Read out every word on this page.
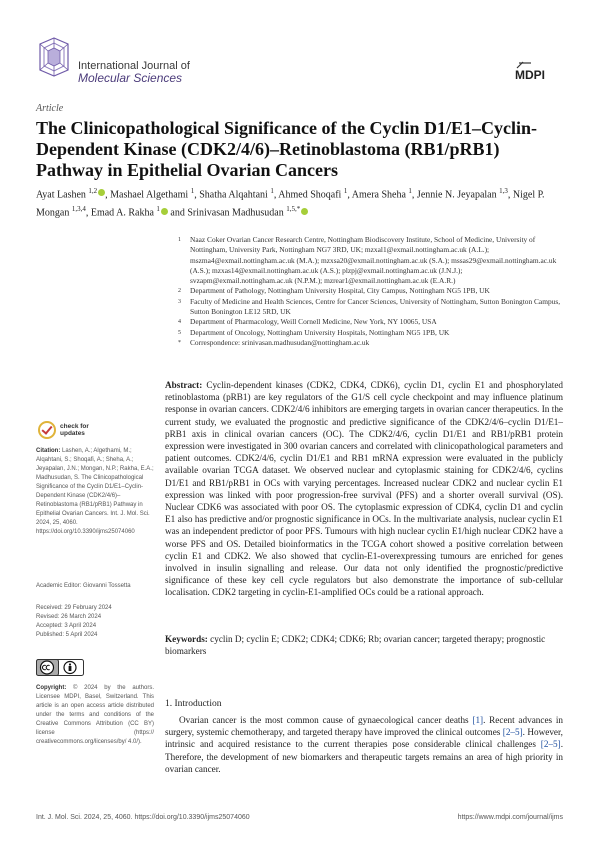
International Journal of
Molecular Sciences	MDPI
Article
The Clinicopathological Significance of the Cyclin D1/E1–Cyclin-Dependent Kinase (CDK2/4/6)–Retinoblastoma (RB1/pRB1) Pathway in Epithelial Ovarian Cancers
Ayat Lashen $^{1,2}$ , Mashael Algethami $^1$, Shatha Alqahtani $^1$, Ahmed Shoqafi $^1$, Amera Sheha $^1$, Jennie N. Jeyapalan $^{1,3}$, Nigel P. Mongan $^{1,3,4}$, Emad A. Rakha $^1$ and Srinivasan Madhusudan $^{1,5,*}$
1	Naaz Coker Ovarian Cancer Research Centre, Nottingham Biodiscovery Institute, School of Medicine, University of Nottingham, University Park, Nottingham NG7 3RD, UK; mzxal1@exmail.nottingham.ac.uk (A.L.); mszma4@exmail.nottingham.ac.uk (M.A.); mzxsa20@exmail.nottingham.ac.uk (S.A.); mssas29@exmail.nottingham.ac.uk (A.S.); mzxas14@exmail.nottingham.ac.uk (A.S.); plzpj@exmail.nottingham.ac.uk (J.N.J.); svzapm@exmail.nottingham.ac.uk (N.P.M.); mzrear1@exmail.nottingham.ac.uk (E.A.R.)
2	Department of Pathology, Nottingham University Hospital, City Campus, Nottingham NG5 1PB, UK
3	Faculty of Medicine and Health Sciences, Centre for Cancer Sciences, University of Nottingham, Sutton Bonington Campus, Sutton Bonington LE12 5RD, UK
4	Department of Pharmacology, Weill Cornell Medicine, New York, NY 10065, USA
5	Department of Oncology, Nottingham University Hospitals, Nottingham NG5 1PB, UK
*	Correspondence: srinivasan.madhusudan@nottingham.ac.uk
Abstract: Cyclin-dependent kinases (CDK2, CDK4, CDK6), cyclin D1, cyclin E1 and phosphorylated retinoblastoma (pRB1) are key regulators of the G1/S cell cycle checkpoint and may influence platinum response in ovarian cancers. CDK2/4/6 inhibitors are emerging targets in ovarian cancer therapeutics. In the current study, we evaluated the prognostic and predictive significance of the CDK2/4/6–cyclin D1/E1–pRB1 axis in clinical ovarian cancers (OC). The CDK2/4/6, cyclin D1/E1 and RB1/pRB1 protein expression were investigated in 300 ovarian cancers and correlated with clinicopathological parameters and patient outcomes. CDK2/4/6, cyclin D1/E1 and RB1 mRNA expression were evaluated in the publicly available ovarian TCGA dataset. We observed nuclear and cytoplasmic staining for CDK2/4/6, cyclins D1/E1 and RB1/pRB1 in OCs with varying percentages. Increased nuclear CDK2 and nuclear cyclin E1 expression was linked with poor progression-free survival (PFS) and a shorter overall survival (OS). Nuclear CDK6 was associated with poor OS. The cytoplasmic expression of CDK4, cyclin D1 and cyclin E1 also has predictive and/or prognostic significance in OCs. In the multivariate analysis, nuclear cyclin E1 was an independent predictor of poor PFS. Tumours with high nuclear cyclin E1/high nuclear CDK2 have a worse PFS and OS. Detailed bioinformatics in the TCGA cohort showed a positive correlation between cyclin E1 and CDK2. We also showed that cyclin-E1-overexpressing tumours are enriched for genes involved in insulin signalling and release. Our data not only identified the prognostic/predictive significance of these key cell cycle regulators but also demonstrate the importance of sub-cellular localisation. CDK2 targeting in cyclin-E1-amplified OCs could be a rational approach.
Keywords: cyclin D; cyclin E; CDK2; CDK4; CDK6; Rb; ovarian cancer; targeted therapy; prognostic biomarkers
1. Introduction
Ovarian cancer is the most common cause of gynaecological cancer deaths [1]. Recent advances in surgery, systemic chemotherapy, and targeted therapy have improved the clinical outcomes [2–5]. However, intrinsic and acquired resistance to the current therapies pose considerable clinical challenges [2–5]. Therefore, the development of new biomarkers and therapeutic targets remains an area of high priority in ovarian cancer.
check for
updates
Citation: Lashen, A.; Algethami, M.; Alqahtani, S.; Shoqafi, A.; Sheha, A.; Jeyapalan, J.N.; Mongan, N.P.; Rakha, E.A.; Madhusudan, S. The Clinicopathological Significance of the Cyclin D1/E1–Cyclin-Dependent Kinase (CDK2/4/6)–Retinoblastoma (RB1/pRB1) Pathway in Epithelial Ovarian Cancers. Int. J. Mol. Sci. 2024, 25, 4060. https://doi.org/10.3390/ijms25074060
Academic Editor: Giovanni Tossetta
Received: 29 February 2024
Revised: 26 March 2024
Accepted: 3 April 2024
Published: 5 April 2024
Copyright: © 2024 by the authors. Licensee MDPI, Basel, Switzerland. This article is an open access article distributed under the terms and conditions of the Creative Commons Attribution (CC BY) license (https:// creativecommons.org/licenses/by/ 4.0/).
Int. J. Mol. Sci. 2024, 25, 4060. https://doi.org/10.3390/ijms25074060	https://www.mdpi.com/journal/ijms
